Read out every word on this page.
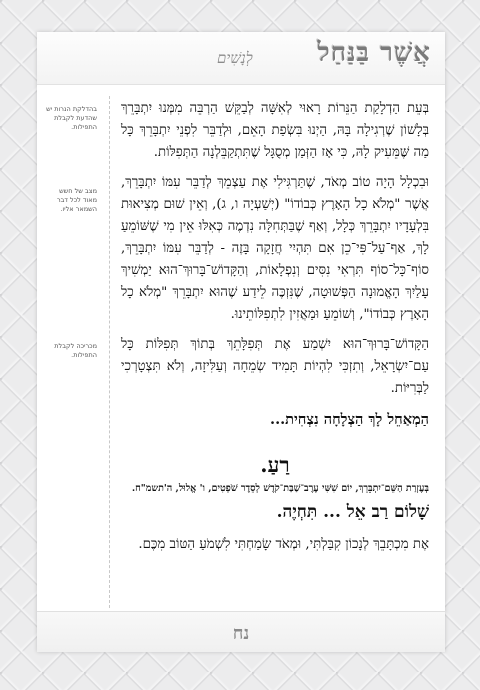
אֲשֶׁר בַּנַּחַל
לְנָשִׁים
בהדלקת הנרות יש שהדעת לקבלת התפילות.
מצב של חשש מאוד לכל דבר השמאר אליו.
מכריכה לקבלת התפילות.

בְּעֵת הַדְלָקַת הַנֵּרוֹת רָאוּי לְאִשָּׁה לְבַקֵּשׁ הַרְבֵּה מִמְּנוּ יִתְבָּרֵךְ בְּלָשׁוֹן שֶׁרְגִילָה בָּהּ, הַיְנוּ בִּשְׂפַת הָאֵם, וּלְדַבֵּר לִפְנֵי יִתְבָּרֵךְ כָּל מַה שֶּׁמֵּעִיק לָהּ, כִּי אָז הַזְּמַן מְסֻגָּל שֶׁתִּתְקַבֵּלְנָה הַתְּפִלּוֹת.

וּבִכְלָל הָיָה טוֹב מְאֹד, שֶׁתַּרְגִּילִי אֶת עַצְמֵךְ לְדַבֵּר עִמּוֹ יִתְבָּרֵךְ, אֲשֶׁר "מְלֹא כָל הָאָרֶץ כְּבוֹדוֹ" (יְשַׁעְיָה ו, ג), וְאֵין שׁוּם מְצִיאוּת בִּלְעָדָיו יִתְבָּרֵךְ כְּלָל, וְאַף שֶׁבַּתְּחִלָּה נִדְמֶה כְּאִלּוּ אֵין מִי שֶׁשּׁוֹמֵעַ לָךְ, אַף־עַל־פִּי־כֵן אִם תִּהְיִי חֲזָקָה בָּזֶה - לְדַבֵּר עִמּוֹ יִתְבָּרֵךְ, סוֹף־כָּל־סוֹף תִּרְאִי נִסִּים וְנִפְלָאוֹת, וְהַקָּדוֹשׁ־בָּרוּךְ־הוּא יַמְשִׁיךְ עָלַיִךְ הָאֱמוּנָה הַפְּשׁוּטָה, שֶׁנִּזְכֶּה לֵידַע שֶׁהוּא יִתְבָּרֵךְ "מְלֹא כָל הָאָרֶץ כְּבוֹדוֹ", וְשׁוֹמֵעַ וּמַאֲזִין לִתְפִלּוֹתֵינוּ.

הַקָּדוֹשׁ־בָּרוּךְ־הוּא יִשְׁמַע אֶת תְּפִלָּתֵךְ בְּתוֹךְ תְּפִלּוֹת כָּל עַם־יִשְׂרָאֵל, וְתִזְכִּי לִהְיוֹת תָּמִיד שְׂמֵחָה וְעַלִּיזָה, וְלֹא תִּצְטָרְכִי לַבְּרִיּוֹת.

הַמְאַחֵל לָךְ הַצְלָחָה נִצְחִית...

רַעַ.
בְּעֶזְרַת הַשֵּׁם־יִתְבָּרֵךְ, יוֹם שִׁשִּׁי עֶרֶב־שַׁבַּת־קֹדֶשׁ לְסֵדֶר שֹׁפְטִים, ו' אֱלוּל, ה'תשמ"ח.
שָׁלוֹם רַב אֵל ... תִּחְיֶה.
אֶת מִכְתָּבֵךְ לְנָכוֹן קִבַּלְתִּי, וּמְאֹד שָׂמַחְתִּי לִשְׁמֹעַ הַטּוֹב מִכֶּם.
נח
